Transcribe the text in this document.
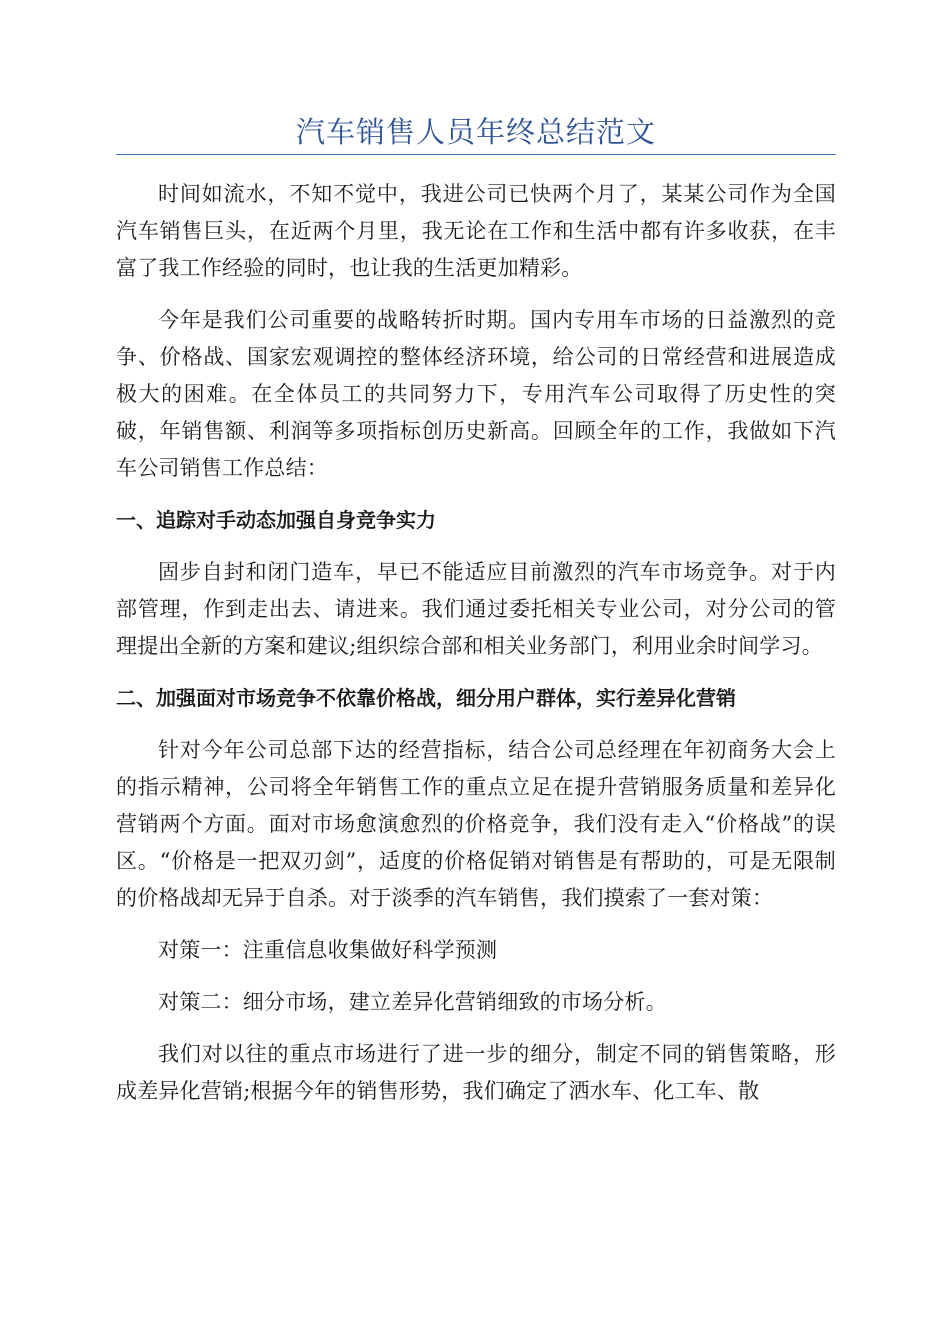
汽车销售人员年终总结范文

时间如流水，不知不觉中，我进公司已快两个月了，某某公司作为全国汽车销售巨头，在近两个月里，我无论在工作和生活中都有许多收获，在丰富了我工作经验的同时，也让我的生活更加精彩。

今年是我们公司重要的战略转折时期。国内专用车市场的日益激烈的竞争、价格战、国家宏观调控的整体经济环境，给公司的日常经营和进展造成极大的困难。在全体员工的共同努力下，专用汽车公司取得了历史性的突破，年销售额、利润等多项指标创历史新高。回顾全年的工作，我做如下汽车公司销售工作总结：

一、追踪对手动态加强自身竞争实力

固步自封和闭门造车，早已不能适应目前激烈的汽车市场竞争。对于内部管理，作到走出去、请进来。我们通过委托相关专业公司，对分公司的管理提出全新的方案和建议;组织综合部和相关业务部门，利用业余时间学习。

二、加强面对市场竞争不依靠价格战，细分用户群体，实行差异化营销

针对今年公司总部下达的经营指标，结合公司总经理在年初商务大会上的指示精神，公司将全年销售工作的重点立足在提升营销服务质量和差异化营销两个方面。面对市场愈演愈烈的价格竞争，我们没有走入“价格战”的误区。“价格是一把双刃剑”，适度的价格促销对销售是有帮助的，可是无限制的价格战却无异于自杀。对于淡季的汽车销售，我们摸索了一套对策：

对策一：注重信息收集做好科学预测

对策二：细分市场，建立差异化营销细致的市场分析。

我们对以往的重点市场进行了进一步的细分，制定不同的销售策略，形成差异化营销;根据今年的销售形势，我们确定了洒水车、化工车、散
